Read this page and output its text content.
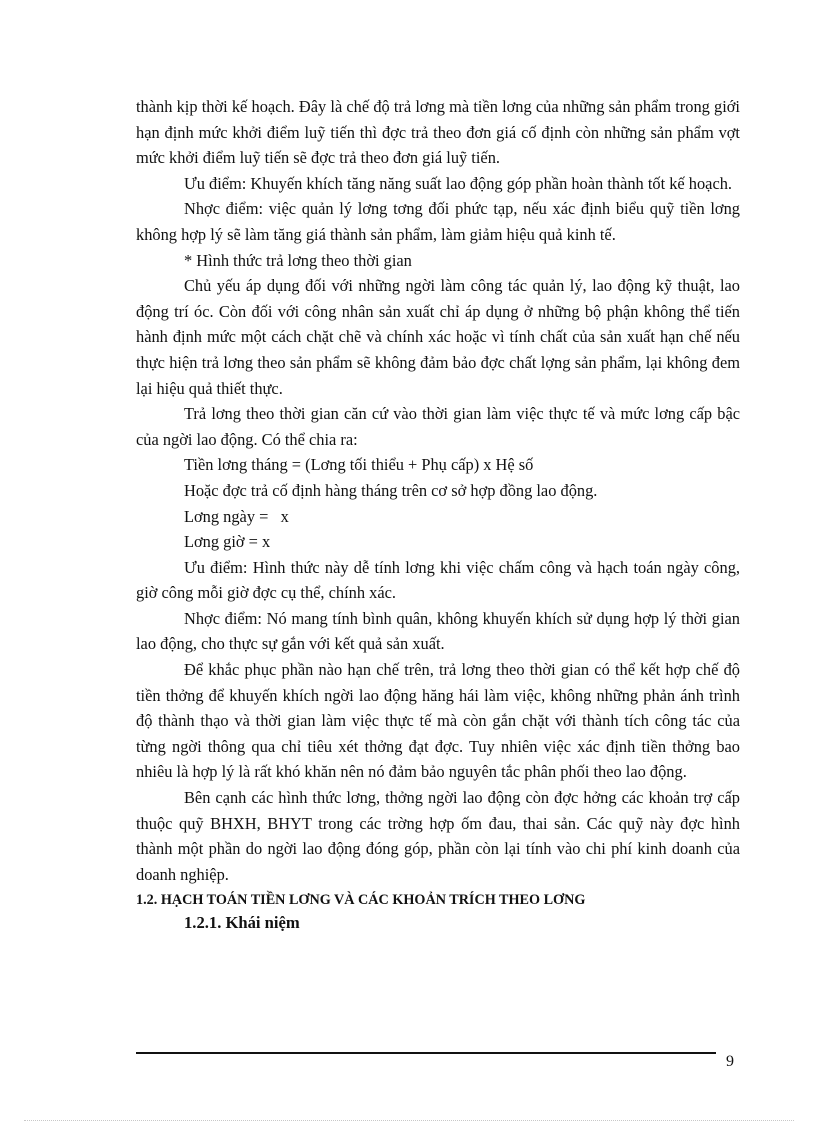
thành kịp thời kế hoạch. Đây là chế độ trả lơng mà tiền lơng của những sản phẩm trong giới hạn định mức khởi điểm luỹ tiến thì đợc trả theo đơn giá cố định còn những sản phẩm vợt mức khởi điểm luỹ tiến sẽ đợc trả theo đơn giá luỹ tiến.

Ưu điểm: Khuyến khích tăng năng suất lao động góp phần hoàn thành tốt kế hoạch.

Nhợc điểm: việc quản lý lơng tơng đối phức tạp, nếu xác định biểu quỹ tiền lơng không hợp lý sẽ làm tăng giá thành sản phẩm, làm giảm hiệu quả kinh tế.

* Hình thức trả lơng theo thời gian

Chủ yếu áp dụng đối với những ngời làm công tác quản lý, lao động kỹ thuật, lao động trí óc. Còn đối với công nhân sản xuất chỉ áp dụng ở những bộ phận không thể tiến hành định mức một cách chặt chẽ và chính xác hoặc vì tính chất của sản xuất hạn chế nếu thực hiện trả lơng theo sản phẩm sẽ không đảm bảo đợc chất lợng sản phẩm, lại không đem lại hiệu quả thiết thực.

Trả lơng theo thời gian căn cứ vào thời gian làm việc thực tế và mức lơng cấp bậc của ngời lao động. Có thể chia ra:

Tiền lơng tháng = (Lơng tối thiểu + Phụ cấp) x Hệ số

Hoặc đợc trả cố định hàng tháng trên cơ sở hợp đồng lao động.

Lơng ngày =   x

Lơng giờ = x

Ưu điểm: Hình thức này dễ tính lơng khi việc chấm công và hạch toán ngày công, giờ công mỗi giờ đợc cụ thể, chính xác.

Nhợc điểm: Nó mang tính bình quân, không khuyến khích sử dụng hợp lý thời gian lao động, cho thực sự gắn với kết quả sản xuất.

Để khắc phục phần nào hạn chế trên, trả lơng theo thời gian có thể kết hợp chế độ tiền thởng để khuyến khích ngời lao động hăng hái làm việc, không những phản ánh trình độ thành thạo và thời gian làm việc thực tế mà còn gắn chặt với thành tích công tác của từng ngời thông qua chỉ tiêu xét thởng đạt đợc. Tuy nhiên việc xác định tiền thởng bao nhiêu là hợp lý là rất khó khăn nên nó đảm bảo nguyên tắc phân phối theo lao động.

Bên cạnh các hình thức lơng, thởng ngời lao động còn đợc hởng các khoản trợ cấp thuộc quỹ BHXH, BHYT trong các trờng hợp ốm đau, thai sản. Các quỹ này đợc hình thành một phần do ngời lao động đóng góp, phần còn lại tính vào chi phí kinh doanh của doanh nghiệp.

1.2. HẠCH TOÁN TIỀN LƠNG VÀ CÁC KHOẢN TRÍCH THEO LƠNG

1.2.1. Khái niệm

9
